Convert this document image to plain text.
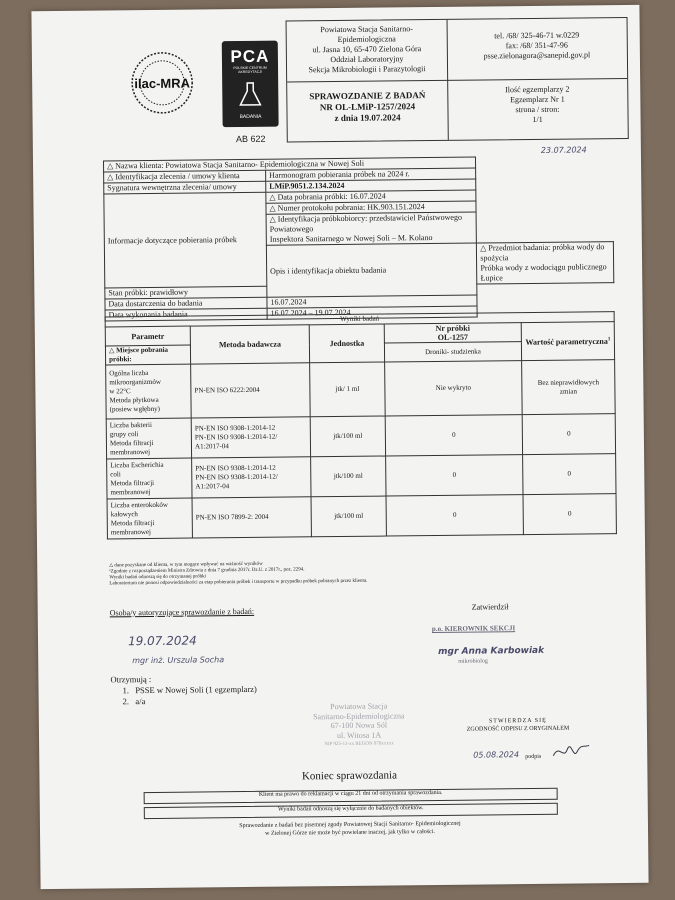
ilac-MRA
PCA
POLSKIE CENTRUM AKREDYTACJI
BADANIA
AB 622
Powiatowa Stacja Sanitarno-
Epidemiologiczna
ul. Jasna 10, 65-470 Zielona Góra
Oddział Laboratoryjny
Sekcja Mikrobiologii i Parazytologii
tel. /68/ 325-46-71 w.0229
fax: /68/ 351-47-96
psse.zielonagora@sanepid.gov.pl
SPRAWOZDANIE Z BADAŃ
NR OL-LMiP-1257/2024
z dnia 19.07.2024
Ilość egzemplarzy 2
Egzemplarz Nr 1
strona / stron:
1/1
23.07.2024
△ Nazwa klienta: Powiatowa Stacja Sanitarno- Epidemiologiczna w Nowej Soli		
△ Identyfikacja zlecenia / umowy klienta	Harmonogram pobierania próbek na 2024 r.	
Sygnatura wewnętrzna zlecenia/ umowy	LMiP.9051.2.134.2024	
Informacje dotyczące pobierania próbek	△ Data pobrania próbki: 16.07.2024	
	△ Numer protokołu pobrania: HK.903.151.2024	
	△ Identyfikacja próbkobiorcy: przedstawiciel Państwowego Powiatowego
Inspektora Sanitarnego w Nowej Soli – M. Kolano	
	Opis i identyfikacja obiektu badania	△ Przedmiot badania: próbka wody do spożycia
Próbka wody z wodociągu publicznego Łupice
Stan próbki: prawidłowy		
Data dostarczenia do badania	16.07.2024	
Data wykonania badania	16.07.2024 – 19.07.2024	
Wyniki badań				
Parametr	Metoda badawcza	Jednostka	Nr próbki
OL-1257	Wartość parametryczna$^1$
			Droniki- studzienka	
△ Miejsce pobrania próbki:				
Ogólna liczba
mikroorganizmów
w 22°C
Metoda płytkowa
(posiew wgłębny)	PN-EN ISO 6222:2004	jtk/ 1 ml	Nie wykryto	Bez nieprawidłowych
zmian
Liczba bakterii
grupy coli
Metoda filtracji
membranowej	PN-EN ISO 9308-1:2014-12
PN-EN ISO 9308-1:2014-12/
A1:2017-04	jtk/100 ml	0	0
Liczba Escherichia
coli
Metoda filtracji
membranowej	PN-EN ISO 9308-1:2014-12
PN-EN ISO 9308-1:2014-12/
A1:2017-04	jtk/100 ml	0	0
Liczba enterokoków
kałowych
Metoda filtracji
membranowej	PN-EN ISO 7899-2: 2004	jtk/100 ml	0	0
△ dane pozyskane od klienta, w tym mogące wpływać na ważność wyników
¹Zgodnie z rozporządzeniem Ministra Zdrowia z dnia 7 grudnia 2017r. Dz.U. z 2017r., poz. 2294.
Wyniki badań odnoszą się do otrzymanej próbki
Laboratorium nie ponosi odpowiedzialności za etap pobierania próbek i transportu w przypadku próbek pobranych przez klienta.
Osoba/y autoryzujące sprawozdanie z badań:	Zatwierdził
19.07.2024
mgr inż. Urszula Socha
p.o. KIEROWNIK SEKCJI
mgr Anna Karbowiak
mikrobiolog
Otrzymują :
1. PSSE w Nowej Soli (1 egzemplarz)
2. a/a
Powiatowa Stacja
Sanitarno-Epidemiologiczna
67-100 Nowa Sól
ul. Witosa 1A
NIP 925-11-xx REGON 970xxxxx
STWIERDZA SIĘ
ZGODNOŚĆ ODPISU Z ORYGINAŁEM
05.08.2024 podpis
Koniec sprawozdania
Klient ma prawo do reklamacji w ciągu 21 dni od otrzymania sprawozdania.
Wyniki badań odnoszą się wyłącznie do badanych obiektów.
Sprawozdanie z badań bez pisemnej zgody Powiatowej Stacji Sanitarno- Epidemiologicznej
w Zielonej Górze nie może być powielane inaczej, jak tylko w całości.
